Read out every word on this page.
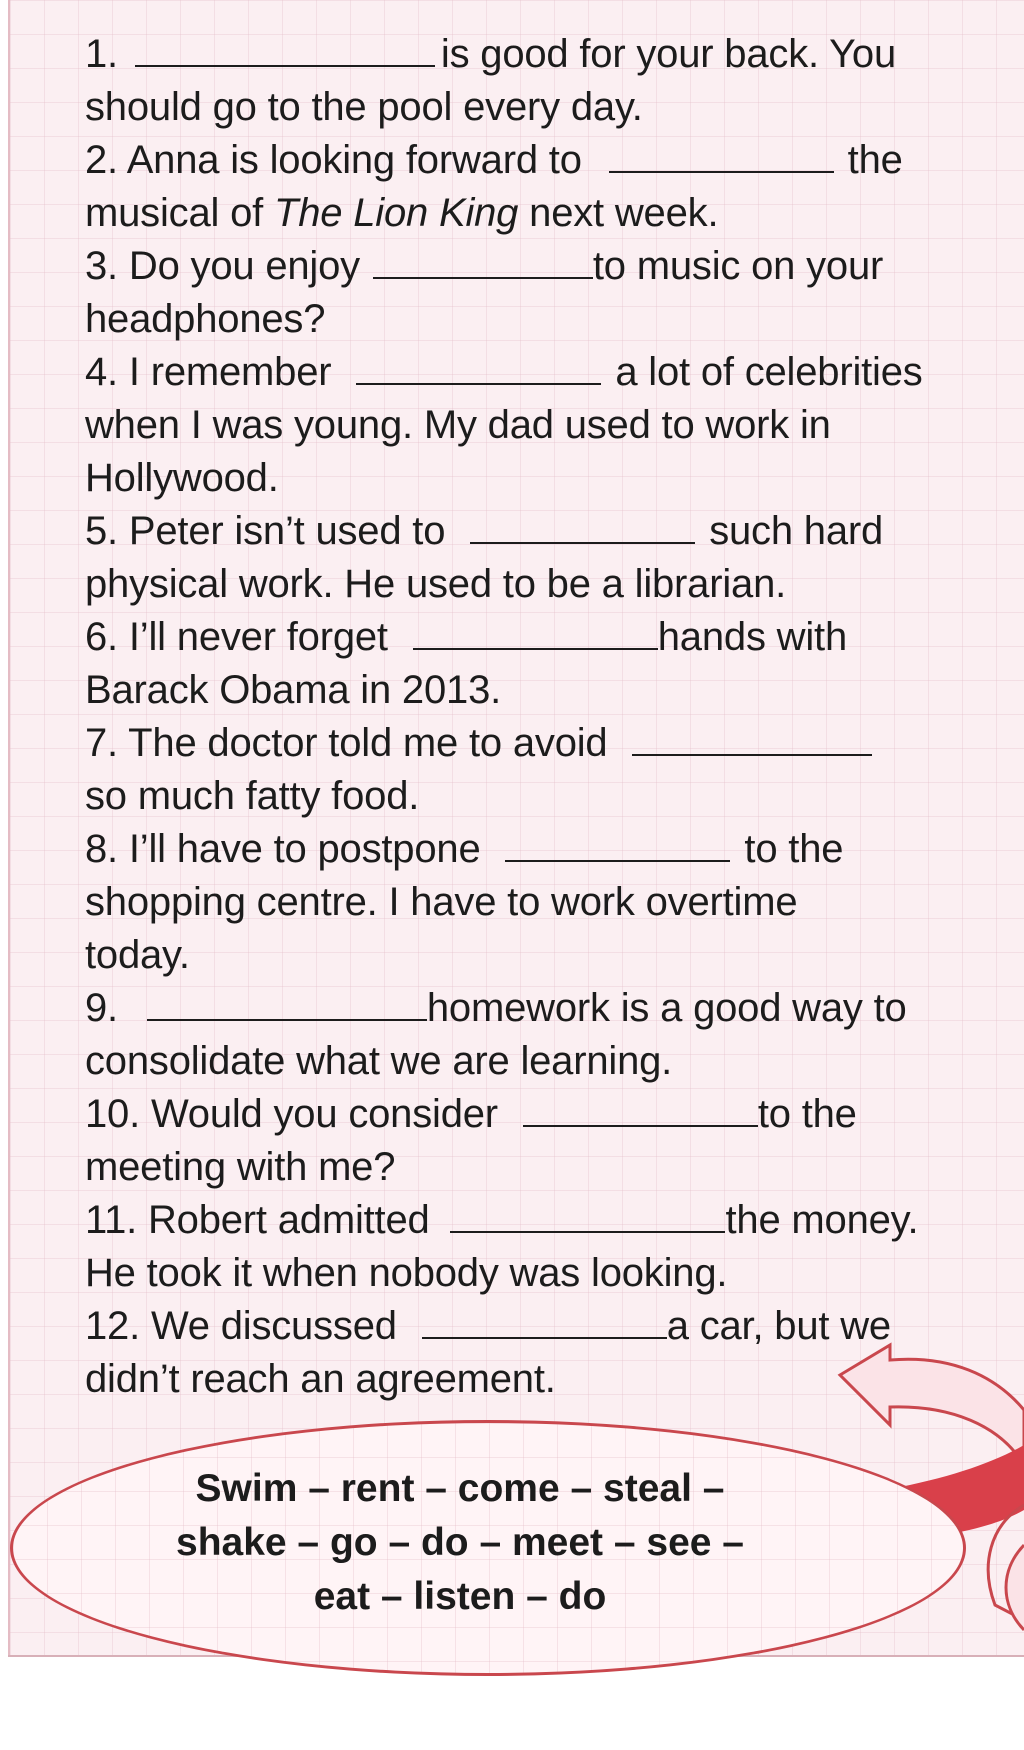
1.	is good for your back. You
should go to the pool every day.
2. Anna is looking forward to	the
musical of The Lion King next week.
3. Do you enjoy	to music on your
headphones?
4. I remember	a lot of celebrities
when I was young. My dad used to work in
Hollywood.
5. Peter isn’t used to	such hard
physical work. He used to be a librarian.
6. I’ll never forget	hands with
Barack Obama in 2013.
7. The doctor told me to avoid
so much fatty food.
8. I’ll have to postpone	to the
shopping centre. I have to work overtime
today.
9.	homework is a good way to
consolidate what we are learning.
10. Would you consider	to the
meeting with me?
11. Robert admitted	the money.
He took it when nobody was looking.
12. We discussed	a car, but we
didn’t reach an agreement.
Swim – rent – come – steal –
shake – go – do – meet – see –
eat – listen – do
